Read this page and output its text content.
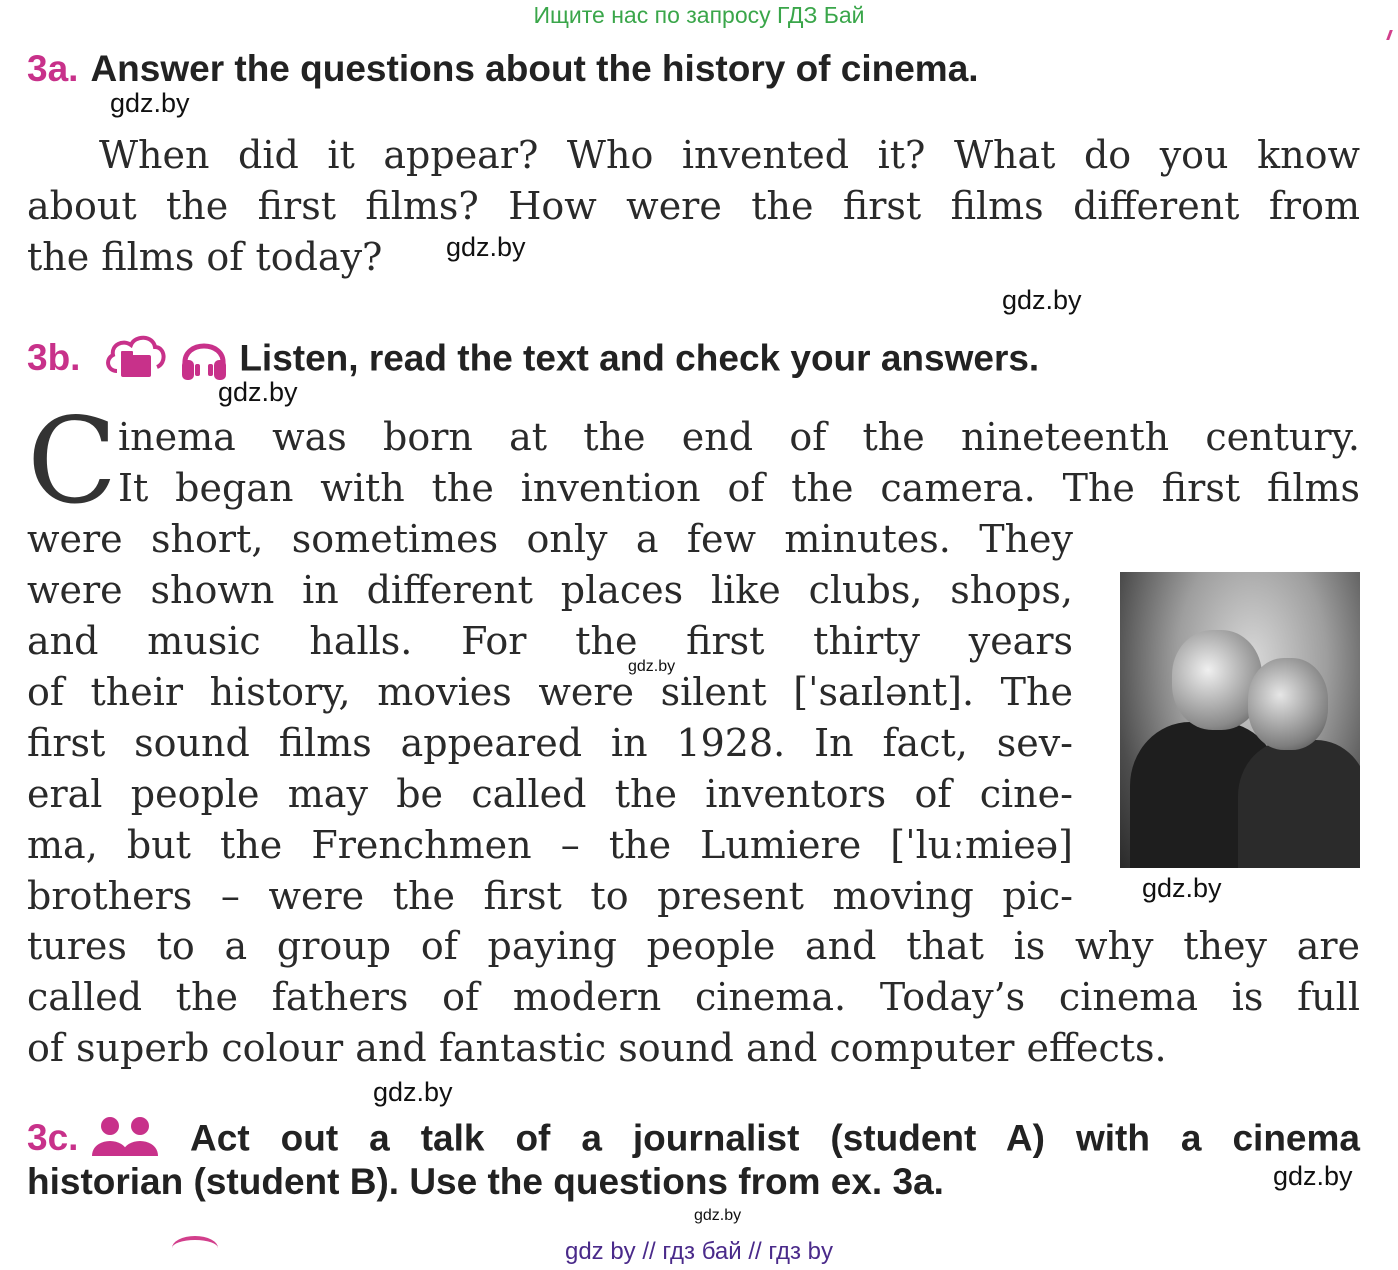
Ищите нас по запросу ГДЗ Бай
3a. Answer the questions about the history of cinema.
gdz.by
When did it appear? Who invented it? What do you know
about the first films? How were the first films different from
the films of today?	gdz.by
gdz.by
3b.	Listen, read the text and check your answers.
gdz.by
C inema was born at the end of the nineteenth century.
It began with the invention of the camera. The first films
were short, sometimes only a few minutes. They
were shown in different places like clubs, shops,
and music halls. For the first thirty years
of their history, movies were silent [ˈsaɪlənt]. The
first sound films appeared in 1928. In fact, sev-
eral people may be called the inventors of cine-
ma, but the Frenchmen – the Lumiere [ˈluːmieə]
brothers – were the first to present moving pic-
gdz.by
gdz.by
tures to a group of paying people and that is why they are
called the fathers of modern cinema. Today’s cinema is full
of superb colour and fantastic sound and computer effects.
gdz.by
3c.	Act out a talk of a journalist (student A) with a cinema
historian (student B). Use the questions from ex. 3a.	gdz.by
gdz.by
gdz by // гдз бай // гдз by
